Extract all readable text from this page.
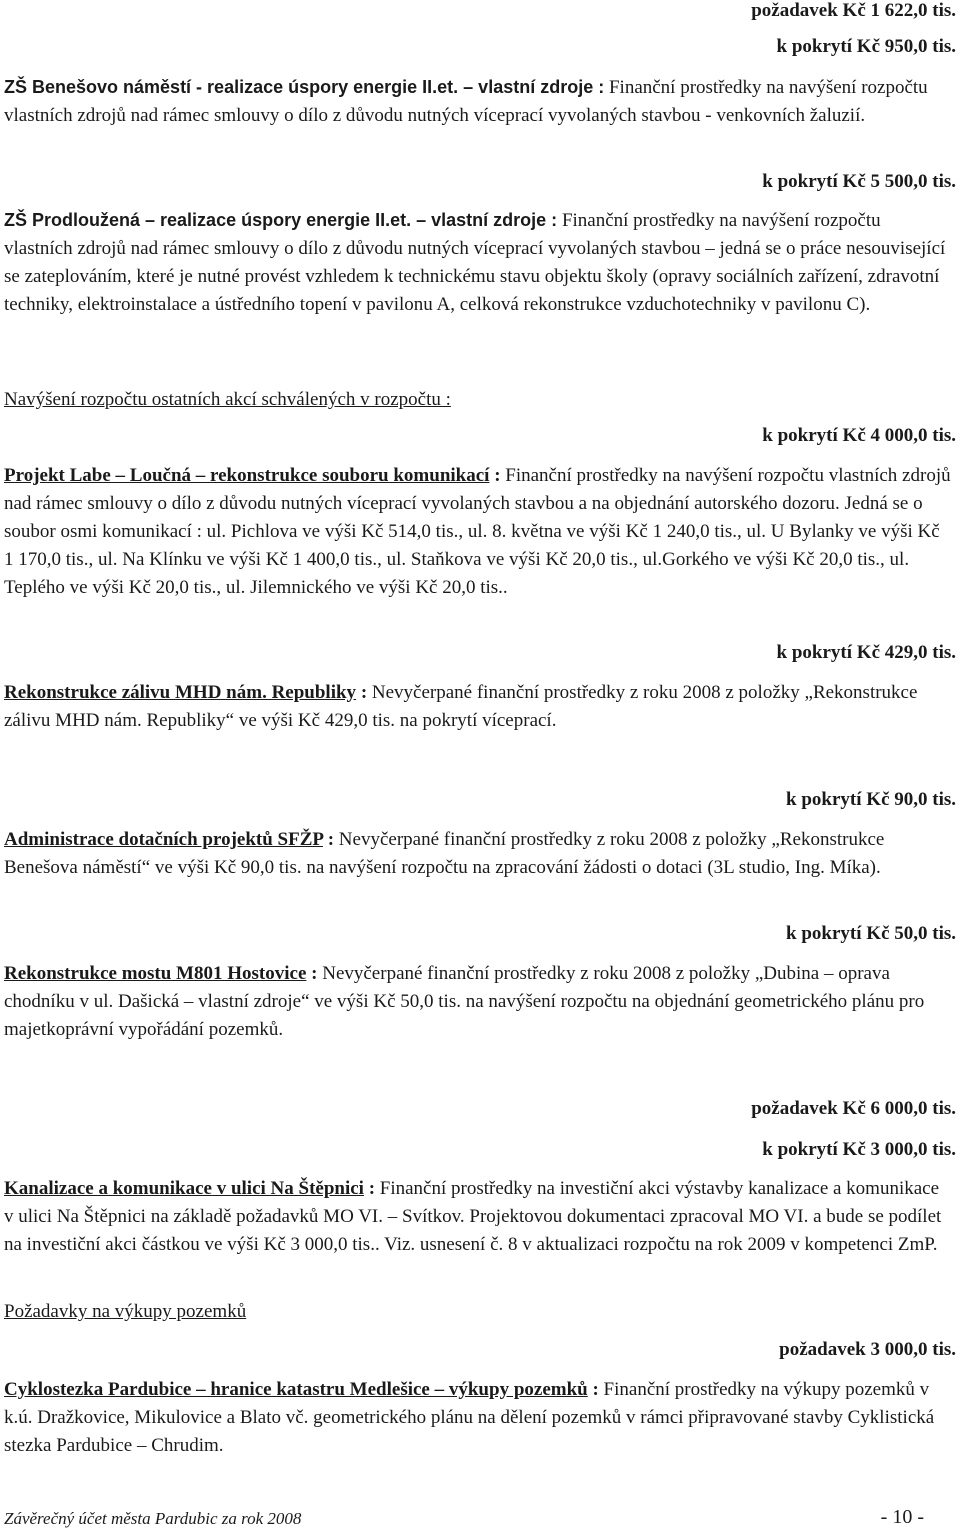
požadavek Kč 1 622,0 tis.
k pokrytí Kč 950,0 tis.
ZŠ Benešovo náměstí - realizace úspory energie II.et. – vlastní zdroje : Finanční prostředky na navýšení rozpočtu vlastních zdrojů nad rámec smlouvy o dílo z důvodu nutných víceprací vyvolaných stavbou - venkovních žaluzií.
k pokrytí Kč 5 500,0 tis.
ZŠ Prodloužená – realizace úspory energie II.et. – vlastní zdroje : Finanční prostředky na navýšení rozpočtu vlastních zdrojů nad rámec smlouvy o dílo z důvodu nutných víceprací vyvolaných stavbou – jedná se o práce nesouvisející se zateplováním, které je nutné provést vzhledem k technickému stavu objektu školy (opravy sociálních zařízení, zdravotní techniky, elektroinstalace a ústředního topení v pavilonu A, celková rekonstrukce vzduchotechniky v pavilonu C).
Navýšení rozpočtu ostatních akcí schválených v rozpočtu :
k pokrytí Kč 4 000,0 tis.
Projekt Labe – Loučná – rekonstrukce souboru komunikací : Finanční prostředky na navýšení rozpočtu vlastních zdrojů nad rámec smlouvy o dílo z důvodu nutných víceprací vyvolaných stavbou a na objednání autorského dozoru. Jedná se o soubor osmi komunikací : ul. Pichlova ve výši Kč 514,0 tis., ul. 8. května ve výši Kč 1 240,0 tis., ul. U Bylanky ve výši Kč 1 170,0 tis., ul. Na Klínku ve výši Kč 1 400,0 tis., ul. Staňkova ve výši Kč 20,0 tis., ul.Gorkého ve výši Kč 20,0 tis., ul. Teplého ve výši Kč 20,0 tis., ul. Jilemnického ve výši Kč 20,0 tis..
k pokrytí Kč 429,0 tis.
Rekonstrukce zálivu MHD nám. Republiky : Nevyčerpané finanční prostředky z roku 2008 z položky „Rekonstrukce zálivu MHD nám. Republiky“ ve výši Kč 429,0 tis. na pokrytí víceprací.
k pokrytí Kč 90,0 tis.
Administrace dotačních projektů SFŽP : Nevyčerpané finanční prostředky z roku 2008 z položky „Rekonstrukce Benešova náměstí“ ve výši Kč 90,0 tis. na navýšení rozpočtu na zpracování žádosti o dotaci (3L studio, Ing. Míka).
k pokrytí Kč 50,0 tis.
Rekonstrukce mostu M801 Hostovice : Nevyčerpané finanční prostředky z roku 2008 z položky „Dubina – oprava chodníku v ul. Dašická – vlastní zdroje“ ve výši Kč 50,0 tis. na navýšení rozpočtu na objednání geometrického plánu pro majetkoprávní vypořádání pozemků.
požadavek Kč 6 000,0 tis.
k pokrytí Kč 3 000,0 tis.
Kanalizace a komunikace v ulici Na Štěpnici : Finanční prostředky na investiční akci výstavby kanalizace a komunikace v ulici Na Štěpnici na základě požadavků MO VI. – Svítkov. Projektovou dokumentaci zpracoval MO VI. a bude se podílet na investiční akci částkou ve výši Kč 3 000,0 tis.. Viz. usnesení č. 8 v aktualizaci rozpočtu na rok 2009 v kompetenci ZmP.
Požadavky na výkupy pozemků
požadavek 3 000,0 tis.
Cyklostezka Pardubice – hranice katastru Medlešice – výkupy pozemků : Finanční prostředky na výkupy pozemků v k.ú. Dražkovice, Mikulovice a Blato vč. geometrického plánu na dělení pozemků v rámci připravované stavby Cyklistická stezka Pardubice – Chrudim.
Závěrečný účet města Pardubic za rok 2008	- 10 -
